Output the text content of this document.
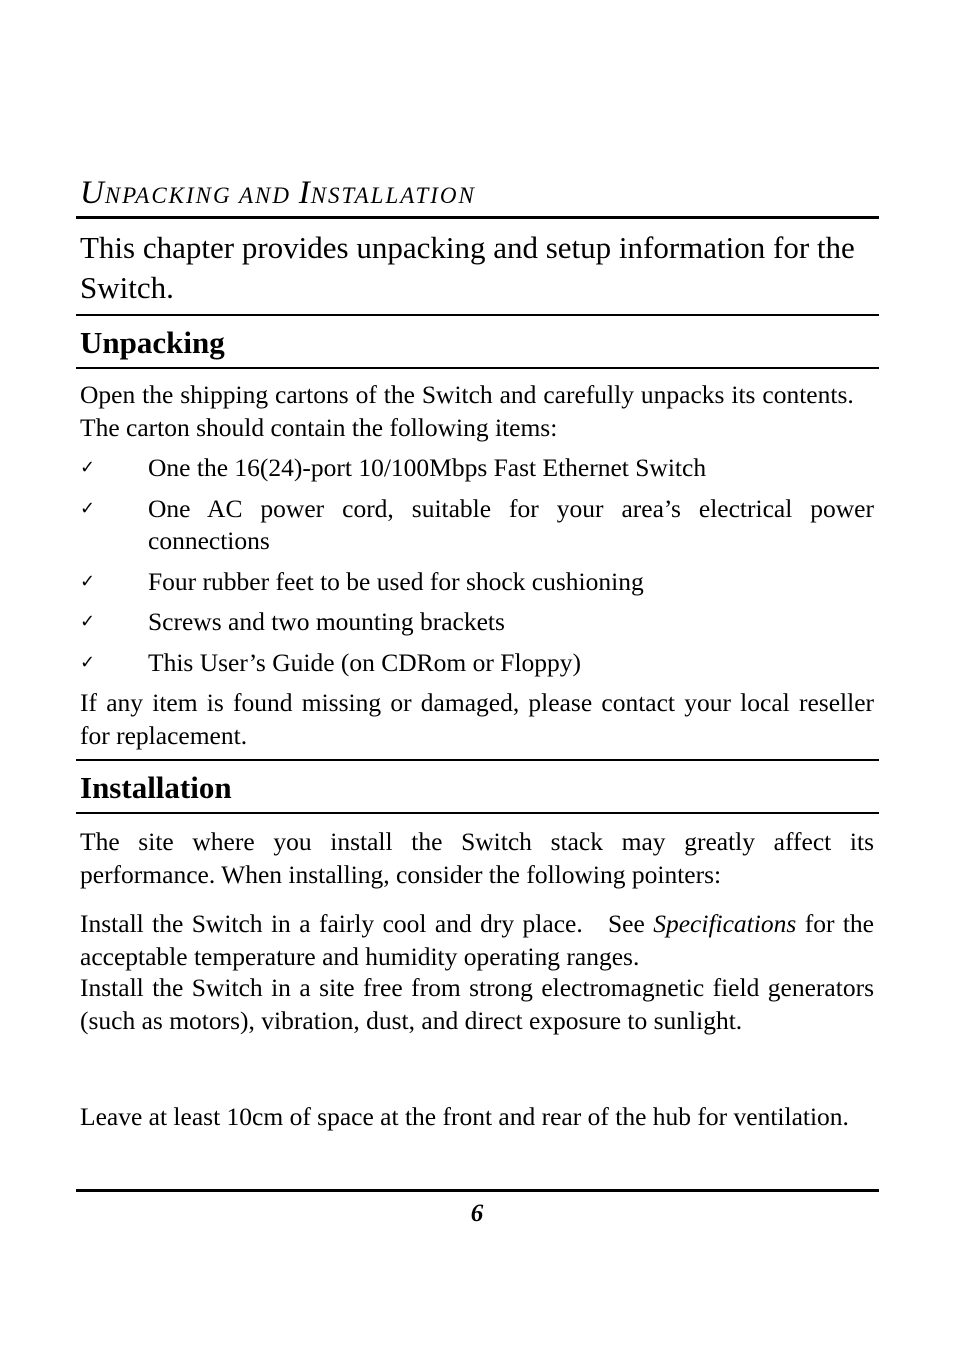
UNPACKING AND INSTALLATION
This chapter provides unpacking and setup information for the Switch.
Unpacking
Open the shipping cartons of the Switch and carefully unpacks its contents.    The carton should contain the following items:
✓ One the 16(24)-port 10/100Mbps Fast Ethernet Switch
✓ One AC power cord, suitable for your area’s electrical power connections
✓ Four rubber feet to be used for shock cushioning
✓ Screws and two mounting brackets
✓ This User’s Guide (on CDRom or Floppy)
If any item is found missing or damaged, please contact your local reseller for replacement.
Installation
The site where you install the Switch stack may greatly affect its performance. When installing, consider the following pointers:
Install the Switch in a fairly cool and dry place.   See Specifications for the acceptable temperature and humidity operating ranges.
Install the Switch in a site free from strong electromagnetic field generators (such as motors), vibration, dust, and direct exposure to sunlight.
Leave at least 10cm of space at the front and rear of the hub for ventilation.
6
